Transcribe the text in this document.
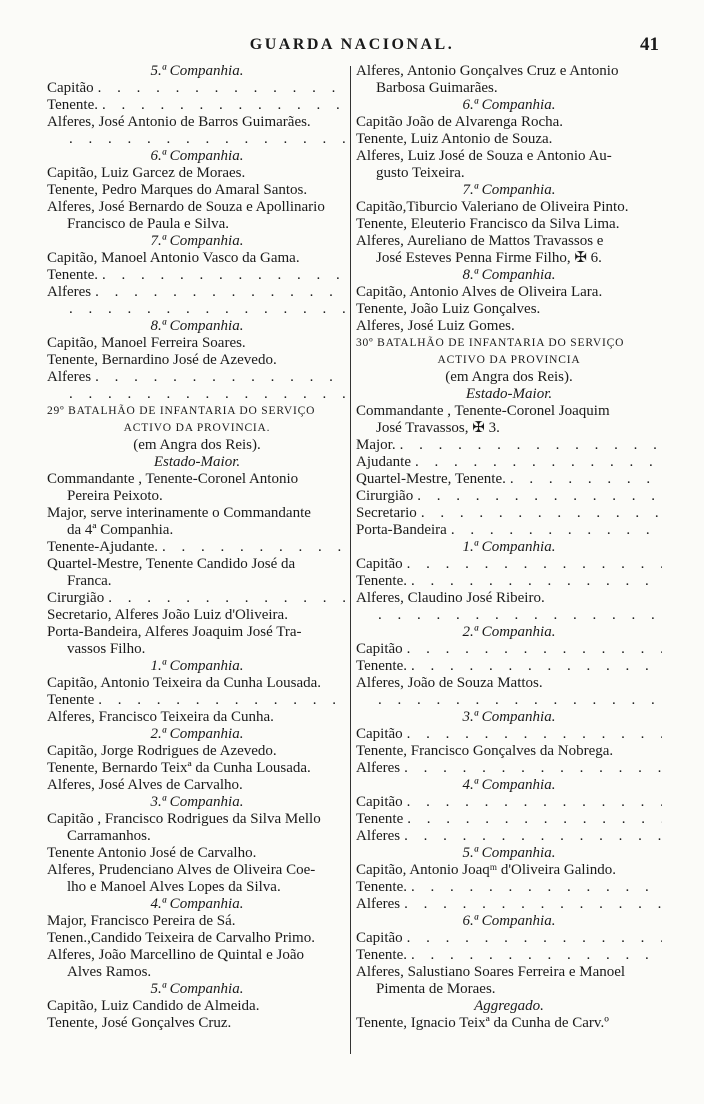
GUARDA NACIONAL.	41
5.ª Companhia.
Capitão
. . .
Tenente.
. . .
Alferes, José Antonio de Barros Guimarães.
. . .
6.ª Companhia.
Capitão, Luiz Garcez de Moraes.
Tenente, Pedro Marques do Amaral Santos.
Alferes, José Bernardo de Souza e Apollinario
Francisco de Paula e Silva.
7.ª Companhia.
Capitão, Manoel Antonio Vasco da Gama.
Tenente.
. . .
Alferes
. . .
. . .
8.ª Companhia.
Capitão, Manoel Ferreira Soares.
Tenente, Bernardino José de Azevedo.
Alferes
. . .
. . .
29º BATALHÃO DE INFANTARIA DO SERVIÇO
ACTIVO DA PROVINCIA.
(em Angra dos Reis).
Estado-Maior.
Commandante , Tenente-Coronel Antonio
Pereira Peixoto.
Major, serve interinamente o Commandante
da 4ª Companhia.
Tenente-Ajudante.
. . .
Quartel-Mestre, Tenente Candido José da
Franca.
Cirurgião
. . .
Secretario, Alferes João Luiz d'Oliveira.
Porta-Bandeira, Alferes Joaquim José Tra-
vassos Filho.
1.ª Companhia.
Capitão, Antonio Teixeira da Cunha Lousada.
Tenente
. . .
Alferes, Francisco Teixeira da Cunha.
2.ª Companhia.
Capitão, Jorge Rodrigues de Azevedo.
Tenente, Bernardo Teixª da Cunha Lousada.
Alferes, José Alves de Carvalho.
3.ª Companhia.
Capitão , Francisco Rodrigues da Silva Mello
Carramanhos.
Tenente Antonio José de Carvalho.
Alferes, Prudenciano Alves de Oliveira Coe-
lho e Manoel Alves Lopes da Silva.
4.ª Companhia.
Major, Francisco Pereira de Sá.
Tenen.,Candido Teixeira de Carvalho Primo.
Alferes, João Marcellino de Quintal e João
Alves Ramos.
5.ª Companhia.
Capitão, Luiz Candido de Almeida.
Tenente, José Gonçalves Cruz.
Alferes, Antonio Gonçalves Cruz e Antonio
Barbosa Guimarães.
6.ª Companhia.
Capitão João de Alvarenga Rocha.
Tenente, Luiz Antonio de Souza.
Alferes, Luiz José de Souza e Antonio Au-
gusto Teixeira.
7.ª Companhia.
Capitão,Tiburcio Valeriano de Oliveira Pinto.
Tenente, Eleuterio Francisco da Silva Lima.
Alferes, Aureliano de Mattos Travassos e
José Esteves Penna Firme Filho, ✠ 6.
8.ª Companhia.
Capitão, Antonio Alves de Oliveira Lara.
Tenente, João Luiz Gonçalves.
Alferes, José Luiz Gomes.
30º BATALHÃO DE INFANTARIA DO SERVIÇO
ACTIVO DA PROVINCIA
(em Angra dos Reis).
Estado-Maior.
Commandante , Tenente-Coronel Joaquim
José Travassos, ✠ 3.
Major.
. . .
Ajudante
. . .
Quartel-Mestre, Tenente.
. . .
Cirurgião
. . .
Secretario
. . .
Porta-Bandeira
. . .
1.ª Companhia.
Capitão
. . .
Tenente.
. . .
Alferes, Claudino José Ribeiro.
. . .
2.ª Companhia.
Capitão
. . .
Tenente.
. . .
Alferes, João de Souza Mattos.
. . .
3.ª Companhia.
Capitão
. . .
Tenente, Francisco Gonçalves da Nobrega.
Alferes
. . .
4.ª Companhia.
Capitão
. . .
Tenente
. . .
Alferes
. . .
5.ª Companhia.
Capitão, Antonio Joaqᵐ d'Oliveira Galindo.
Tenente.
. . .
Alferes
. . .
6.ª Companhia.
Capitão
. . .
Tenente.
. . .
Alferes, Salustiano Soares Ferreira e Manoel
Pimenta de Moraes.
Aggregado.
Tenente, Ignacio Teixª da Cunha de Carv.º
